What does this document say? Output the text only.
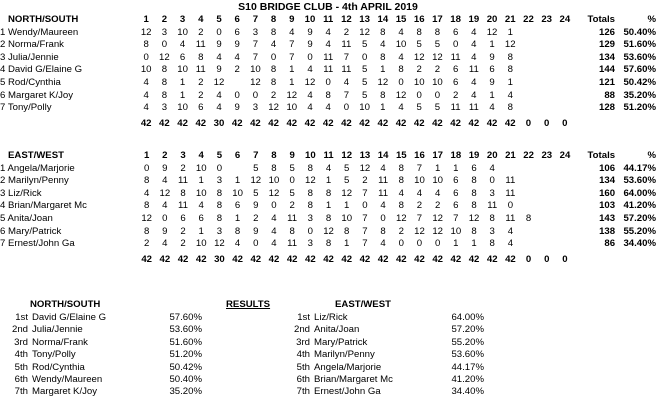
S10 BRIDGE CLUB - 4th APRIL 2019
NORTH/SOUTH	1	2	3	4	5	6	7	8	9	10	11	12	13	14	15	16	17	18	19	20	21	22	23	24	Totals	%
1 Wendy/Maureen	12	3	10	2	0	6	3	8	4	9	4	2	12	8	4	8	8	6	4	12	1				126	50.40%
2 Norma/Frank	8	0	4	11	9	9	7	4	7	9	4	11	5	4	10	5	5	0	4	1	12				129	51.60%
3 Julia/Jennie	0	12	6	8	4	4	7	0	7	0	11	7	0	8	4	12	12	11	4	9	8				134	53.60%
4 David G/Elaine G	10	8	10	11	9	2	10	8	1	4	11	11	5	1	8	2	2	6	11	6	8				144	57.60%
5 Rod/Cynthia	4	8	1	2	12		12	8	1	12	0	4	5	12	0	10	10	6	4	9	1				121	50.42%
6 Margaret K/Joy	4	8	1	2	4	0	0	2	12	4	8	7	5	8	12	0	0	2	4	1	4				88	35.20%
7 Tony/Polly	4	3	10	6	4	9	3	12	10	4	4	0	10	1	4	5	5	11	11	4	8				128	51.20%
	42	42	42	42	30	42	42	42	42	42	42	42	42	42	42	42	42	42	42	42	42	0	0	0		
EAST/WEST	1	2	3	4	5	6	7	8	9	10	11	12	13	14	15	16	17	18	19	20	21	22	23	24	Totals	%
1 Angela/Marjorie	0	9	2	10	0		5	8	5	8	4	5	12	4	8	7	1	1	6	4					106	44.17%
2 Marilyn/Penny	8	4	11	1	3	1	12	10	0	12	1	5	2	11	8	10	10	6	8	0	11				134	53.60%
3 Liz/Rick	4	12	8	10	8	10	5	12	5	8	8	12	7	11	4	4	4	6	8	3	11				160	64.00%
4 Brian/Margaret Mc	8	4	11	4	8	6	9	0	2	8	1	1	0	4	8	2	2	6	8	11	0				103	41.20%
5 Anita/Joan	12	0	6	6	8	1	2	4	11	3	8	10	7	0	12	7	12	7	12	8	11	8			143	57.20%
6 Mary/Patrick	8	9	2	1	3	8	9	4	8	0	12	8	7	8	2	12	12	10	8	3	4				138	55.20%
7 Ernest/John Ga	2	4	2	10	12	4	0	4	11	3	8	1	7	4	0	0	0	1	1	8	4				86	34.40%
	42	42	42	42	30	42	42	42	42	42	42	42	42	42	42	42	42	42	42	42	42	0	0	0		
NORTH/SOUTH	RESULTS	EAST/WEST
1st	David G/Elaine G	57.60%
2nd	Julia/Jennie	53.60%
3rd	Norma/Frank	51.60%
4th	Tony/Polly	51.20%
5th	Rod/Cynthia	50.42%
6th	Wendy/Maureen	50.40%
7th	Margaret K/Joy	35.20%
1st	Liz/Rick	64.00%
2nd	Anita/Joan	57.20%
3rd	Mary/Patrick	55.20%
4th	Marilyn/Penny	53.60%
5th	Angela/Marjorie	44.17%
6th	Brian/Margaret Mc	41.20%
7th	Ernest/John Ga	34.40%
